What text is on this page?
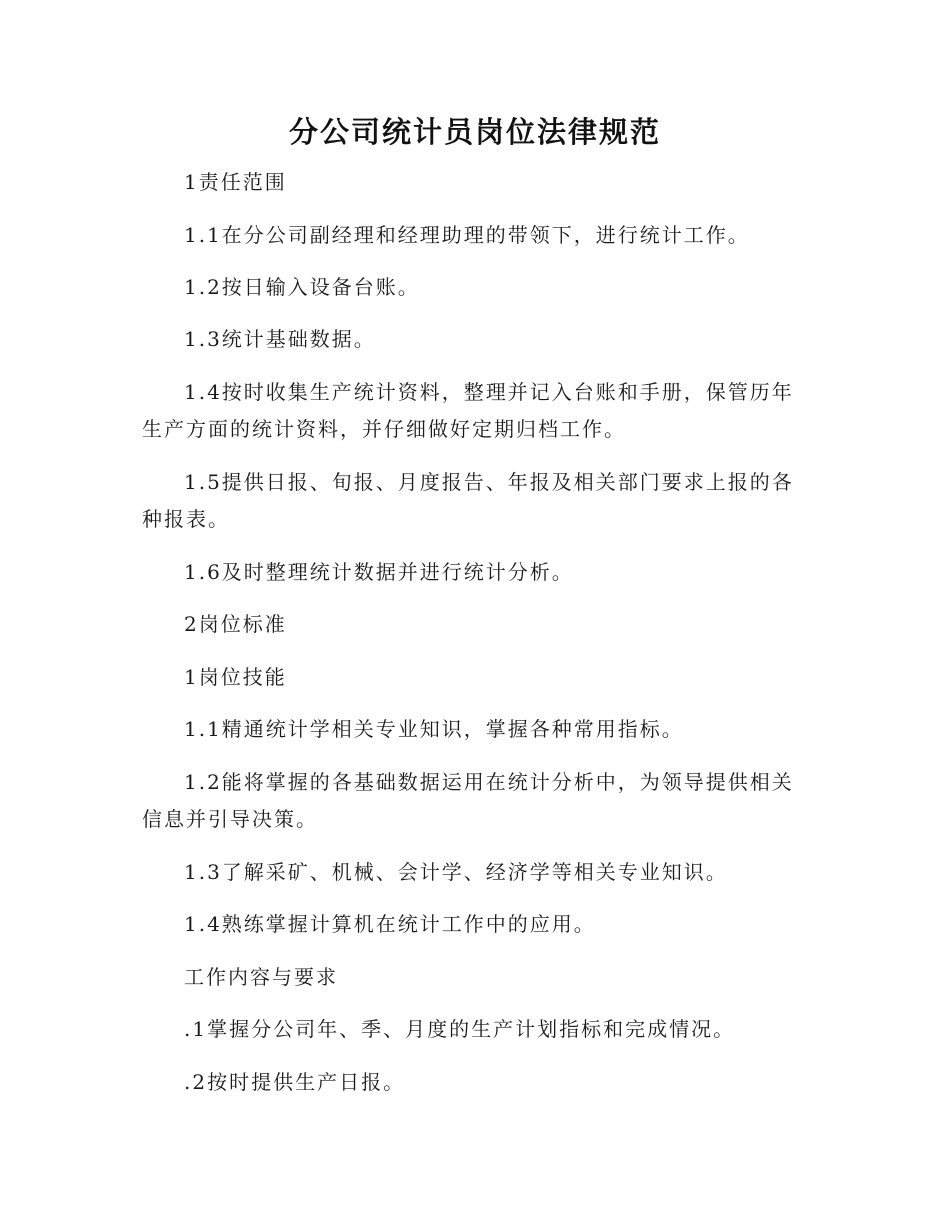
分公司统计员岗位法律规范
1责任范围
1.1在分公司副经理和经理助理的带领下，进行统计工作。
1.2按日输入设备台账。
1.3统计基础数据。
1.4按时收集生产统计资料，整理并记入台账和手册，保管历年生产方面的统计资料，并仔细做好定期归档工作。
1.5提供日报、旬报、月度报告、年报及相关部门要求上报的各种报表。
1.6及时整理统计数据并进行统计分析。
2岗位标准
1岗位技能
1.1精通统计学相关专业知识，掌握各种常用指标。
1.2能将掌握的各基础数据运用在统计分析中，为领导提供相关信息并引导决策。
1.3了解采矿、机械、会计学、经济学等相关专业知识。
1.4熟练掌握计算机在统计工作中的应用。
工作内容与要求
.1掌握分公司年、季、月度的生产计划指标和完成情况。
.2按时提供生产日报。
